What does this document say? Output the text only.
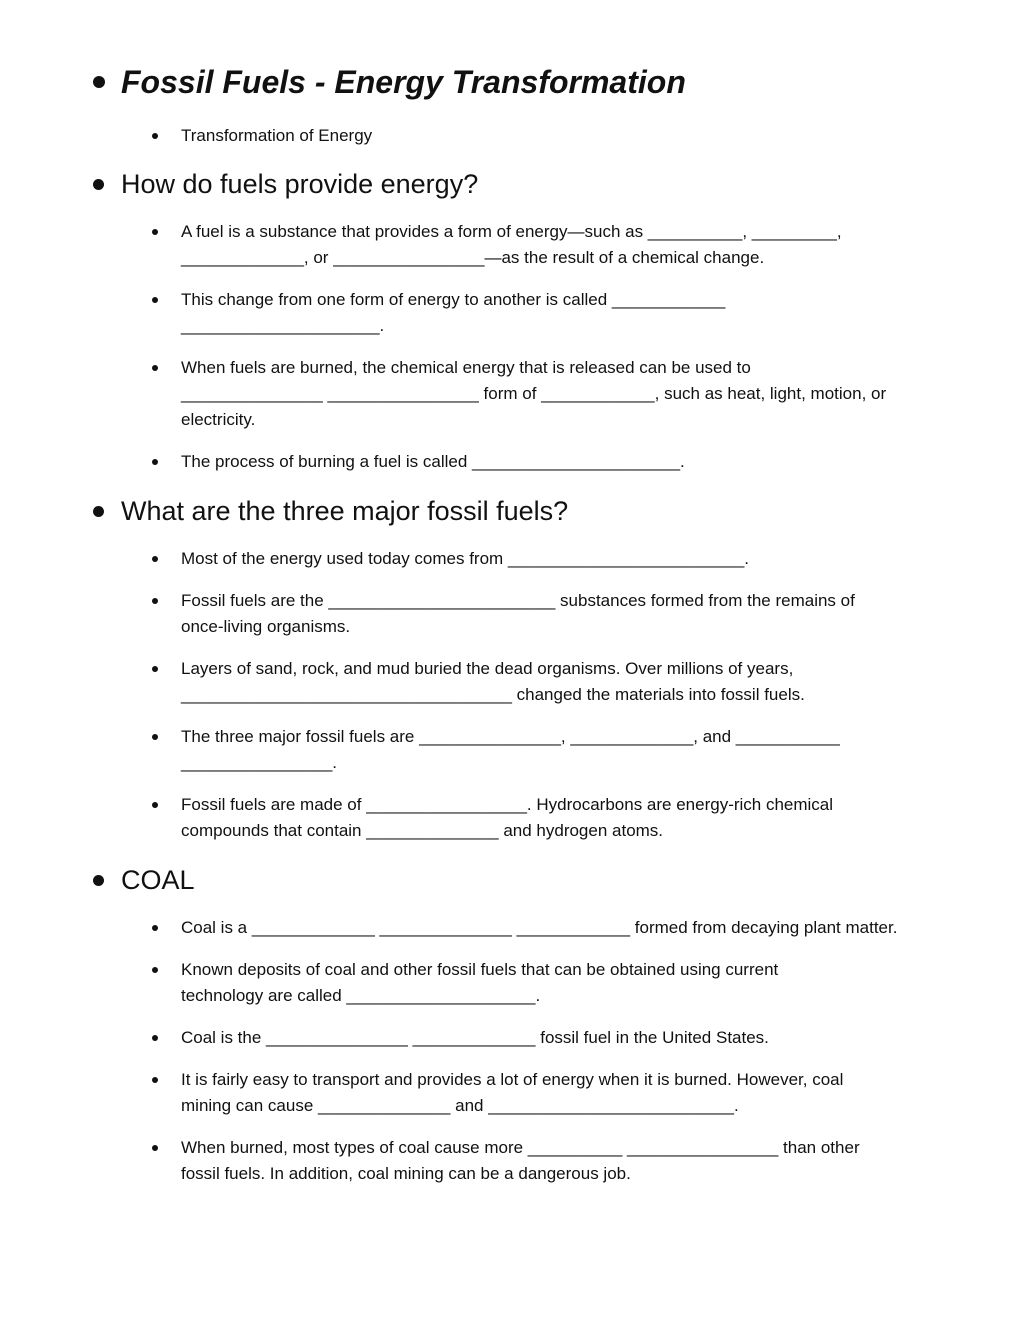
Fossil Fuels - Energy Transformation
Transformation of Energy
How do fuels provide energy?
A fuel is a substance that provides a form of energy—such as __________, _________,
_____________, or ________________—as the result of a chemical change.
This change from one form of energy to another is called ____________
_____________________.
When fuels are burned, the chemical energy that is released can be used to
_______________ ________________ form of ____________, such as heat, light, motion, or
electricity.
The process of burning a fuel is called ______________________.
What are the three major fossil fuels?
Most of the energy used today comes from _________________________.
Fossil fuels are the ________________________ substances formed from the remains of
once-living organisms.
Layers of sand, rock, and mud buried the dead organisms. Over millions of years,
___________________________________ changed the materials into fossil fuels.
The three major fossil fuels are _______________, _____________, and ___________
________________.
Fossil fuels are made of _________________. Hydrocarbons are energy-rich chemical
compounds that contain ______________ and hydrogen atoms.
COAL
Coal is a _____________ ______________ ____________ formed from decaying plant matter.
Known deposits of coal and other fossil fuels that can be obtained using current
technology are called ____________________.
Coal is the _______________ _____________ fossil fuel in the United States.
It is fairly easy to transport and provides a lot of energy when it is burned. However, coal
mining can cause ______________ and __________________________.
When burned, most types of coal cause more __________ ________________ than other
fossil fuels. In addition, coal mining can be a dangerous job.
